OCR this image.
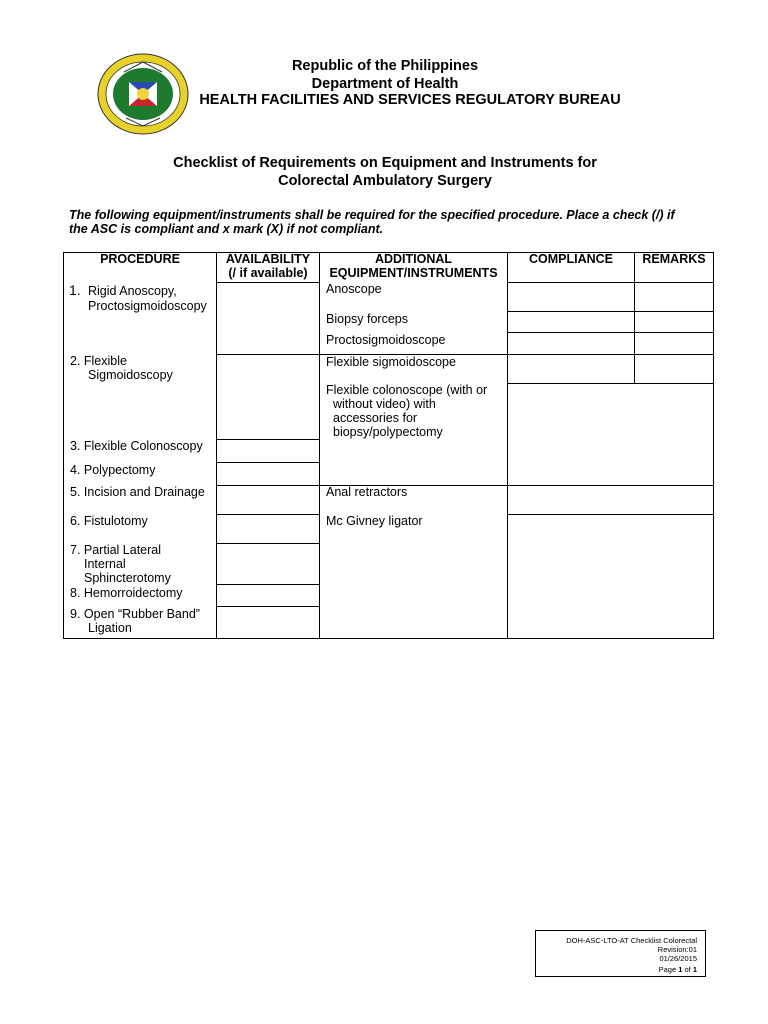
Republic of the Philippines
Department of Health
HEALTH FACILITIES AND SERVICES REGULATORY BUREAU
Checklist of Requirements on Equipment and Instruments for
Colorectal Ambulatory Surgery
The following equipment/instruments shall be required for the specified procedure. Place a check (/) if
the ASC is compliant and x mark (X) if not compliant.
PROCEDURE	AVAILABILITY
(/ if available)
ADDITIONAL
EQUIPMENT/INSTRUMENTS
COMPLIANCE	REMARKS
1. Rigid Anoscopy,
Proctosigmoidoscopy
2. Flexible
Sigmoidoscopy
3. Flexible Colonoscopy
4. Polypectomy
5. Incision and Drainage
6. Fistulotomy
7. Partial Lateral
Internal
Sphincterotomy
8. Hemorroidectomy
9. Open “Rubber Band”
Ligation
Anoscope
Biopsy forceps
Proctosigmoidoscope
Flexible sigmoidoscope
Flexible colonoscope (with or
without video) with
accessories for
biopsy/polypectomy
Anal retractors
Mc Givney ligator
DOH-ASC-LTO-AT Checklist Colorectal
Revision:01
01/26/2015
Page 1 of 1
